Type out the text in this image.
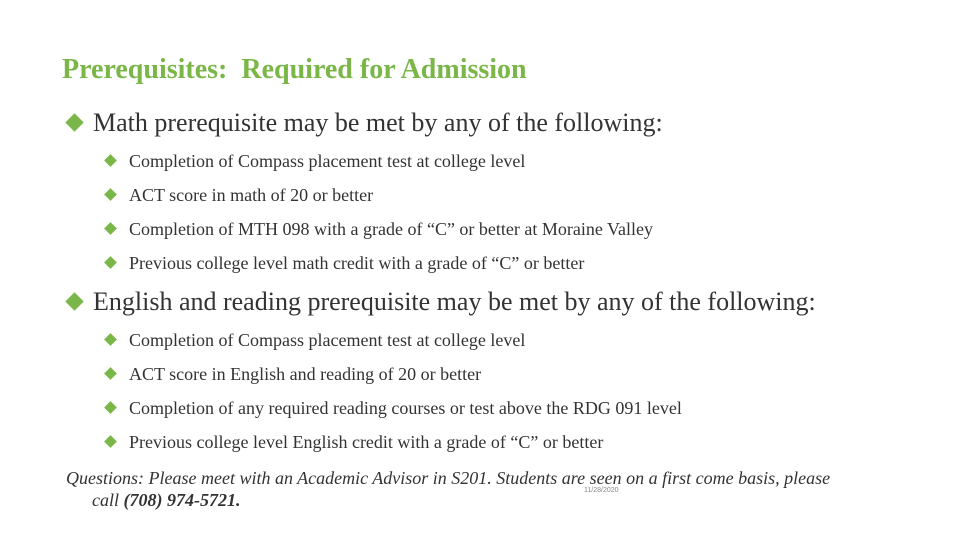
Prerequisites:  Required for Admission
Math prerequisite may be met by any of the following:
Completion of Compass placement test at college level
ACT score in math of 20 or better
Completion of MTH 098 with a grade of “C” or better at Moraine Valley
Previous college level math credit with a grade of “C” or better
English and reading prerequisite may be met by any of the following:
Completion of Compass placement test at college level
ACT score in English and reading of 20 or better
Completion of any required reading courses or test above the RDG 091 level
Previous college level English credit with a grade of “C” or better
Questions: Please meet with an Academic Advisor in S201. Students are seen on a first come basis, please
call (708) 974-5721.	11/28/2020
